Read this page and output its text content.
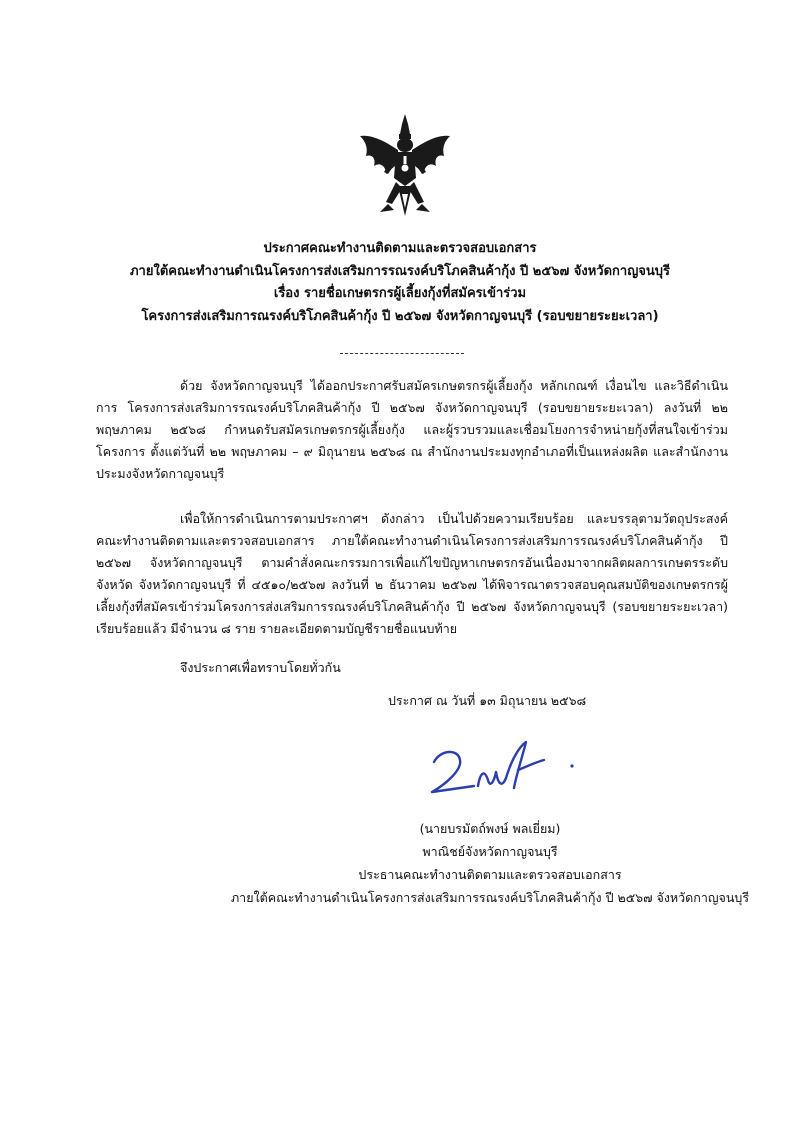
ประกาศคณะทำงานติดตามและตรวจสอบเอกสาร
ภายใต้คณะทำงานดำเนินโครงการส่งเสริมการรณรงค์บริโภคสินค้ากุ้ง ปี ๒๕๖๗ จังหวัดกาญจนบุรี
เรื่อง รายชื่อเกษตรกรผู้เลี้ยงกุ้งที่สมัครเข้าร่วม
โครงการส่งเสริมการณรงค์บริโภคสินค้ากุ้ง ปี ๒๕๖๗ จังหวัดกาญจนบุรี (รอบขยายระยะเวลา)

ด้วย จังหวัดกาญจนบุรี ได้ออกประกาศรับสมัครเกษตรกรผู้เลี้ยงกุ้ง หลักเกณฑ์ เงื่อนไข และวิธีดำเนินการ โครงการส่งเสริมการรณรงค์บริโภคสินค้ากุ้ง ปี ๒๕๖๗ จังหวัดกาญจนบุรี (รอบขยายระยะเวลา) ลงวันที่ ๒๒ พฤษภาคม ๒๕๖๘ กำหนดรับสมัครเกษตรกรผู้เลี้ยงกุ้ง และผู้รวบรวมและเชื่อมโยงการจำหน่ายกุ้งที่สนใจเข้าร่วมโครงการ ตั้งแต่วันที่ ๒๒ พฤษภาคม – ๙ มิถุนายน ๒๕๖๘ ณ สำนักงานประมงทุกอำเภอที่เป็นแหล่งผลิต และสำนักงานประมงจังหวัดกาญจนบุรี

เพื่อให้การดำเนินการตามประกาศฯ ดังกล่าว เป็นไปด้วยความเรียบร้อย และบรรลุตามวัตถุประสงค์ คณะทำงานติดตามและตรวจสอบเอกสาร ภายใต้คณะทำงานดำเนินโครงการส่งเสริมการรณรงค์บริโภคสินค้ากุ้ง ปี ๒๕๖๗ จังหวัดกาญจนบุรี ตามคำสั่งคณะกรรมการเพื่อแก้ไขปัญหาเกษตรกรอันเนื่องมาจากผลิตผลการเกษตรระดับจังหวัด จังหวัดกาญจนบุรี ที่ ๔๕๑๐/๒๕๖๗ ลงวันที่ ๒ ธันวาคม ๒๕๖๗ ได้พิจารณาตรวจสอบคุณสมบัติของเกษตรกรผู้เลี้ยงกุ้งที่สมัครเข้าร่วมโครงการส่งเสริมการรณรงค์บริโภคสินค้ากุ้ง ปี ๒๕๖๗ จังหวัดกาญจนบุรี (รอบขยายระยะเวลา) เรียบร้อยแล้ว มีจำนวน ๘ ราย รายละเอียดตามบัญชีรายชื่อแนบท้าย

จึงประกาศเพื่อทราบโดยทั่วกัน
ประกาศ ณ วันที่ ๑๓ มิถุนายน ๒๕๖๘
(นายบรมัตถ์พงษ์ พลเยี่ยม)
พาณิชย์จังหวัดกาญจนบุรี
ประธานคณะทำงานติดตามและตรวจสอบเอกสาร
ภายใต้คณะทำงานดำเนินโครงการส่งเสริมการรณรงค์บริโภคสินค้ากุ้ง ปี ๒๕๖๗ จังหวัดกาญจนบุรี
